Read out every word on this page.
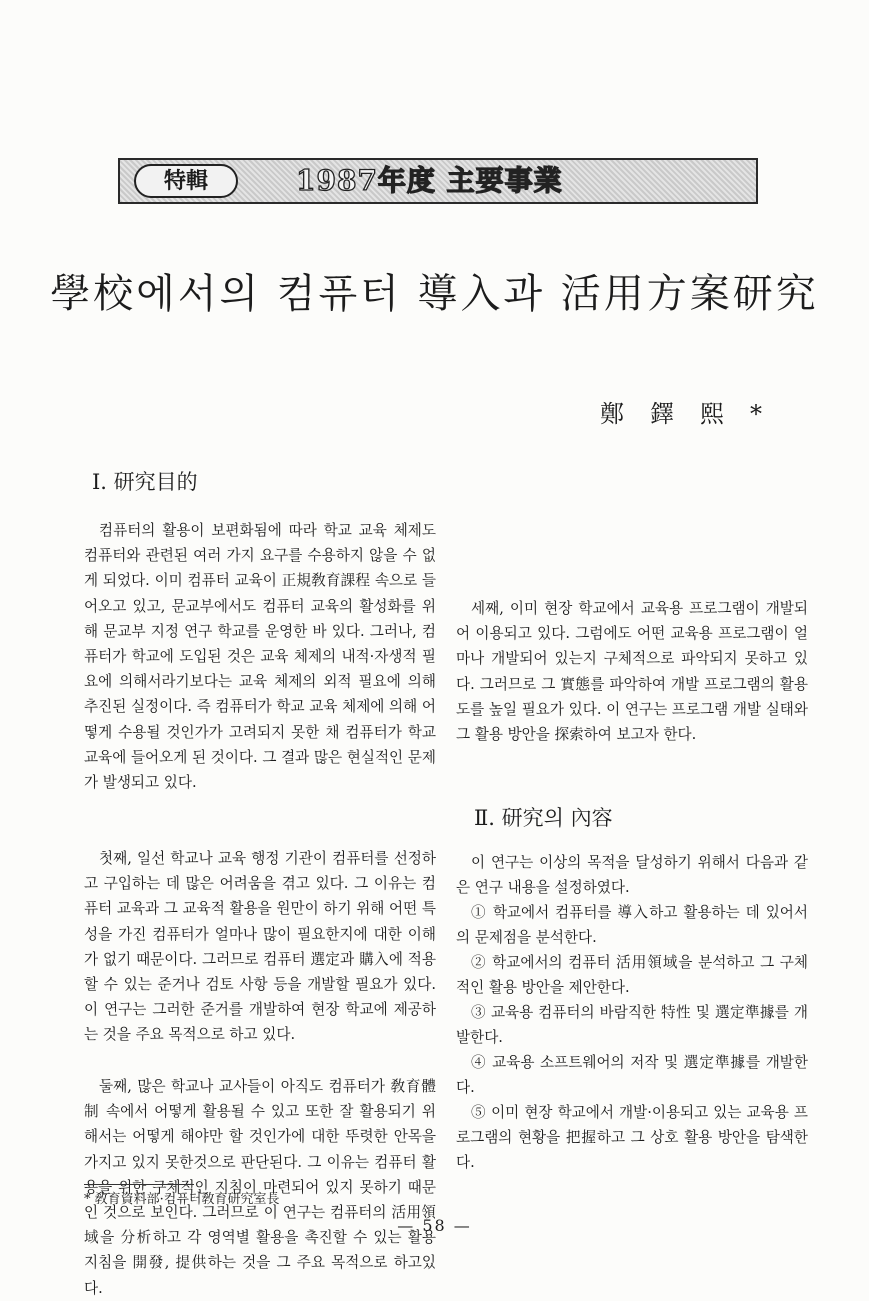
特輯	1987年度 主要事業
學校에서의 컴퓨터 導入과 活用方案研究
鄭鐸熙*
Ⅰ. 研究目的

컴퓨터의 활용이 보편화됨에 따라 학교 교육 체제도 컴퓨터와 관련된 여러 가지 요구를 수용하지 않을 수 없게 되었다. 이미 컴퓨터 교육이 正規敎育課程 속으로 들어오고 있고, 문교부에서도 컴퓨터 교육의 활성화를 위해 문교부 지정 연구 학교를 운영한 바 있다. 그러나, 컴퓨터가 학교에 도입된 것은 교육 체제의 내적·자생적 필요에 의해서라기보다는 교육 체제의 외적 필요에 의해 추진된 실정이다. 즉 컴퓨터가 학교 교육 체제에 의해 어떻게 수용될 것인가가 고려되지 못한 채 컴퓨터가 학교 교육에 들어오게 된 것이다. 그 결과 많은 현실적인 문제가 발생되고 있다.

첫째, 일선 학교나 교육 행정 기관이 컴퓨터를 선정하고 구입하는 데 많은 어려움을 겪고 있다. 그 이유는 컴퓨터 교육과 그 교육적 활용을 원만이 하기 위해 어떤 특성을 가진 컴퓨터가 얼마나 많이 필요한지에 대한 이해가 없기 때문이다. 그러므로 컴퓨터 選定과 購入에 적용할 수 있는 준거나 검토 사항 등을 개발할 필요가 있다. 이 연구는 그러한 준거를 개발하여 현장 학교에 제공하는 것을 주요 목적으로 하고 있다.

둘째, 많은 학교나 교사들이 아직도 컴퓨터가 敎育體制 속에서 어떻게 활용될 수 있고 또한 잘 활용되기 위해서는 어떻게 해야만 할 것인가에 대한 뚜렷한 안목을 가지고 있지 못한것으로 판단된다. 그 이유는 컴퓨터 활용을 위한 구체적인 지침이 마련되어 있지 못하기 때문인 것으로 보인다. 그러므로 이 연구는 컴퓨터의 活用領域을 分析하고 각 영역별 활용을 촉진할 수 있는 활용 지침을 開發, 提供하는 것을 그 주요 목적으로 하고있다.

세째, 이미 현장 학교에서 교육용 프로그램이 개발되어 이용되고 있다. 그럼에도 어떤 교육용 프로그램이 얼마나 개발되어 있는지 구체적으로 파악되지 못하고 있다. 그러므로 그 實態를 파악하여 개발 프로그램의 활용도를 높일 필요가 있다. 이 연구는 프로그램 개발 실태와 그 활용 방안을 探索하여 보고자 한다.

Ⅱ. 研究의 內容

이 연구는 이상의 목적을 달성하기 위해서 다음과 같은 연구 내용을 설정하였다.

① 학교에서 컴퓨터를 導入하고 활용하는 데 있어서의 문제점을 분석한다.

② 학교에서의 컴퓨터 活用領域을 분석하고 그 구체적인 활용 방안을 제안한다.

③ 교육용 컴퓨터의 바람직한 特性 및 選定準據를 개발한다.

④ 교육용 소프트웨어의 저작 및 選定準據를 개발한다.

⑤ 이미 현장 학교에서 개발·이용되고 있는 교육용 프로그램의 현황을 把握하고 그 상호 활용 방안을 탐색한다.

* 敎育資料部·컴퓨터敎育研究室長
— 58 —
